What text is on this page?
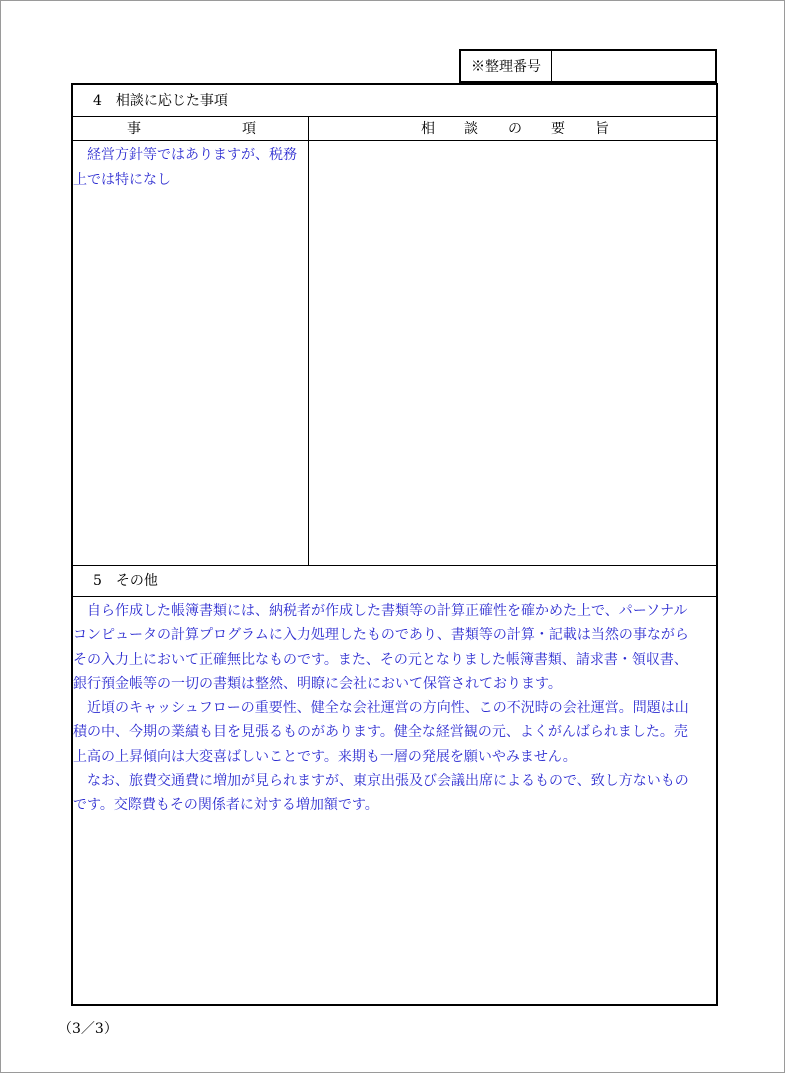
※整理番号
4　相談に応じた事項
事	項	相 談 の 要 旨
　経営方針等ではありますが、税務
上では特になし
5　その他
　自ら作成した帳簿書類には、納税者が作成した書類等の計算正確性を確かめた上で、パーソナル
コンピュータの計算プログラムに入力処理したものであり、書類等の計算・記載は当然の事ながら
その入力上において正確無比なものです。また、その元となりました帳簿書類、請求書・領収書、
銀行預金帳等の一切の書類は整然、明瞭に会社において保管されております。
　近頃のキャッシュフローの重要性、健全な会社運営の方向性、この不況時の会社運営。問題は山
積の中、今期の業績も目を見張るものがあります。健全な経営観の元、よくがんばられました。売
上高の上昇傾向は大変喜ばしいことです。来期も一層の発展を願いやみません。
　なお、旅費交通費に増加が見られますが、東京出張及び会議出席によるもので、致し方ないもの
です。交際費もその関係者に対する増加額です。
（3／3）
